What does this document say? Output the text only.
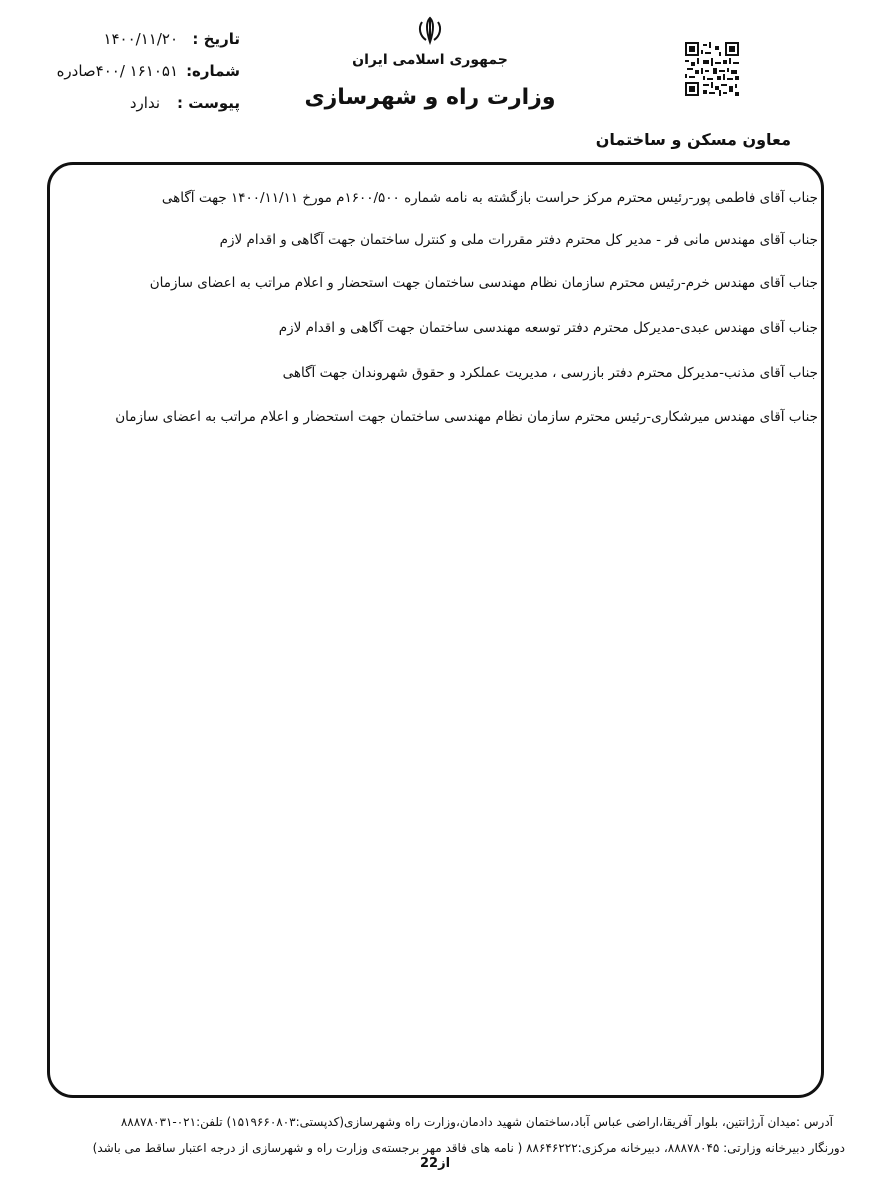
تاریخ :
۱۴۰۰/۱۱/۲۰
شماره:
۱۶۱۰۵۱ /۴۰۰صادره
پیوست :
ندارد
جمهوری اسلامی ایران
وزارت راه و شهرسازی
معاون مسکن و ساختمان
جناب آقای فاطمی پور-رئیس محترم مرکز حراست بازگشته به نامه شماره ۱۶۰۰/۵۰۰م مورخ ۱۴۰۰/۱۱/۱۱ جهت آگاهی
جناب آقای مهندس مانی فر - مدیر کل محترم دفتر مقررات ملی و کنترل ساختمان جهت آگاهی و اقدام لازم
جناب آقای مهندس خرم-رئیس محترم سازمان نظام مهندسی ساختمان جهت استحضار و اعلام مراتب به اعضای سازمان
جناب آقای مهندس عبدی-مدیرکل محترم دفتر توسعه مهندسی ساختمان جهت آگاهی و اقدام لازم
جناب آقای مذنب-مدیرکل محترم دفتر بازرسی ، مدیریت عملکرد و حقوق شهروندان جهت آگاهی
جناب آقای مهندس میرشکاری-رئیس محترم سازمان نظام مهندسی ساختمان جهت استحضار و اعلام مراتب به اعضای سازمان
آدرس :میدان آرژانتین، بلوار آفریقا،اراضی عباس آباد،ساختمان شهید دادمان،وزارت راه وشهرسازی(کدپستی:۱۵۱۹۶۶۰۸۰۳) تلفن:۰۲۱-۸۸۸۷۸۰۳۱
دورنگار دبیرخانه وزارتی: ۸۸۸۷۸۰۴۵، دبیرخانه مرکزی:۸۸۶۴۶۲۲۲ ( نامه های فاقد مهر برجسته‌ی وزارت راه و شهرسازی از درجه اعتبار ساقط می باشد)
2از2
